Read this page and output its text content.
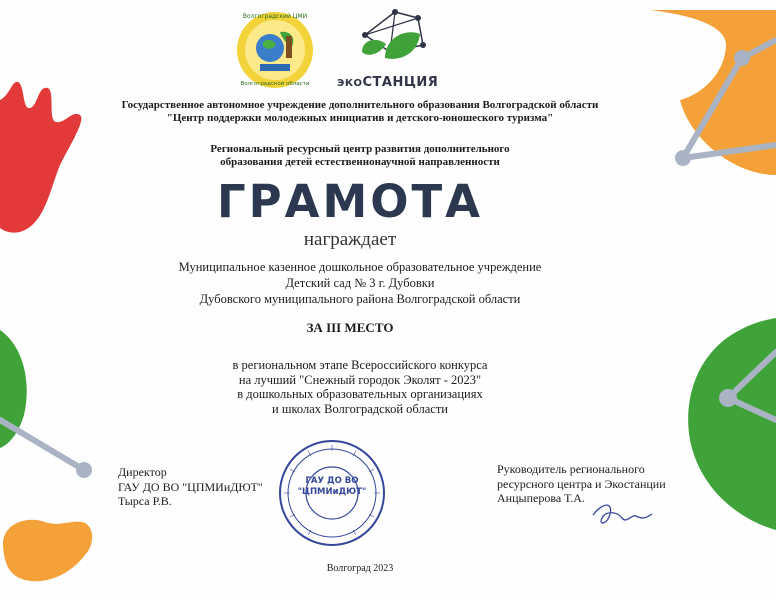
Волгоградский ЦМИ
Волгоградской области	ЭКОСТАНЦИЯ
Государственное автономное учреждение дополнительного образования Волгоградской области
"Центр поддержки молодежных инициатив и детского-юношеского туризма"
Региональный ресурсный центр развития дополнительного
образования детей естественнонаучной направленности
ГРАМОТА
награждает
Муниципальное казенное дошкольное образовательное учреждение
Детский сад № 3 г. Дубовки
Дубовского муниципального района Волгоградской области
ЗА III МЕСТО
в региональном этапе Всероссийского конкурса
на лучший "Снежный городок Эколят - 2023"
в дошкольных образовательных организациях
и школах Волгоградской области
ГАУ ДО ВО
"ЦПМИиДЮТ"
Директор
ГАУ ДО ВО "ЦПМИиДЮТ"
Тырса Р.В.
Руководитель регионального
ресурсного центра и Экостанции
Анцыперова Т.А.
Волгоград 2023
